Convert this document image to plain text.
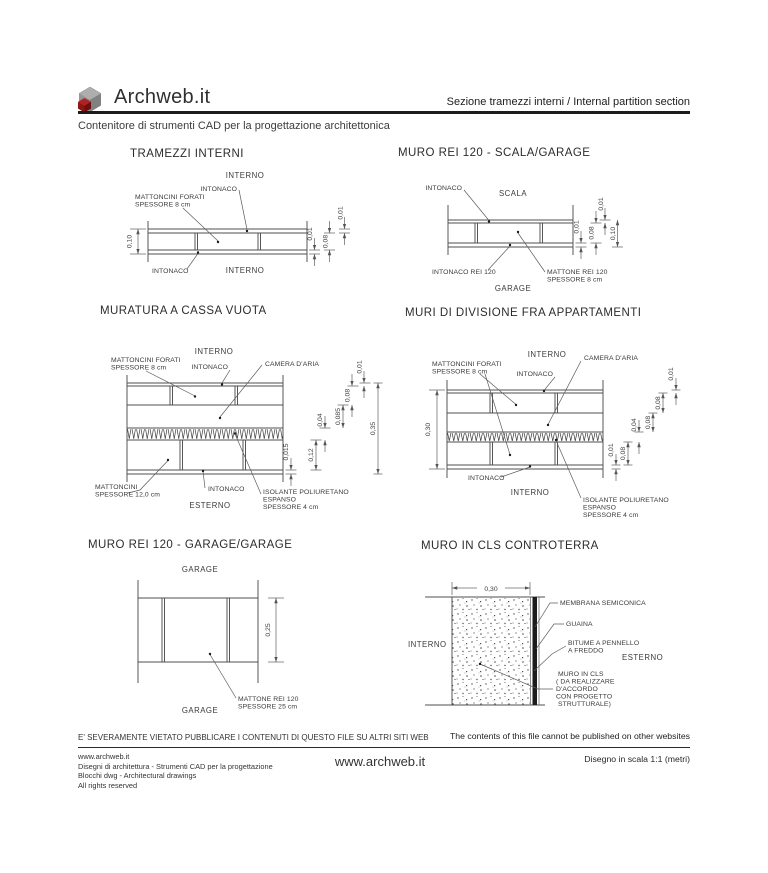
Archweb.it	Sezione tramezzi interni / Internal partition section
Contenitore di strumenti CAD per la progettazione architettonica
TRAMEZZI INTERNI	MURO REI 120 - SCALA/GARAGE
MURATURA A CASSA VUOTA	MURI DI DIVISIONE FRA APPARTAMENTI
MURO REI 120 - GARAGE/GARAGE	MURO IN CLS CONTROTERRA
0,10
0,01
0,08
0,01
INTERNO
INTONACO
MATTONCINI FORATI
SPESSORE 8 cm
INTONACO	INTERNO
0,01 0,08
0,01
0,10
INTONACO
SCALA
INTONACO REI 120	MATTONE REI 120
SPESSORE 8 cm
GARAGE
0,015	0,12
0,04 0,085
0,08
0,01
0,35
INTERNO
MATTONCINI FORATI
SPESSORE 8 cm	INTONACO	CAMERA D'ARIA
MATTONCINI
SPESSORE 12,0 cm
INTONACO
ESTERNO
ISOLANTE POLIURETANO
ESPANSO
SPESSORE 4 cm
0,30
0,01 0,08
0,04 0,08
0,08
0,01
INTERNO
MATTONCINI FORATI
SPESSORE 8 cm	INTONACO
CAMERA D'ARIA
INTONACO
INTERNO
ISOLANTE POLIURETANO
ESPANSO
SPESSORE 4 cm
0,25
GARAGE
GARAGE
MATTONE REI 120
SPESSORE 25 cm
0,30
INTERNO
ESTERNO
MEMBRANA SEMICONICA
GUAINA
BITUME A PENNELLO
A FREDDO
MURO IN CLS
( DA REALIZZARE
D'ACCORDO
CON PROGETTO
STRUTTURALE)
E' SEVERAMENTE VIETATO PUBBLICARE I CONTENUTI DI QUESTO FILE SU ALTRI SITI WEB The contents of this file cannot be published on other websites
www.archweb.it
Disegni di architettura - Strumenti CAD per la progettazione
Blocchi dwg - Architectural drawings
All rights reserved
www.archweb.it	Disegno in scala 1:1 (metri)
